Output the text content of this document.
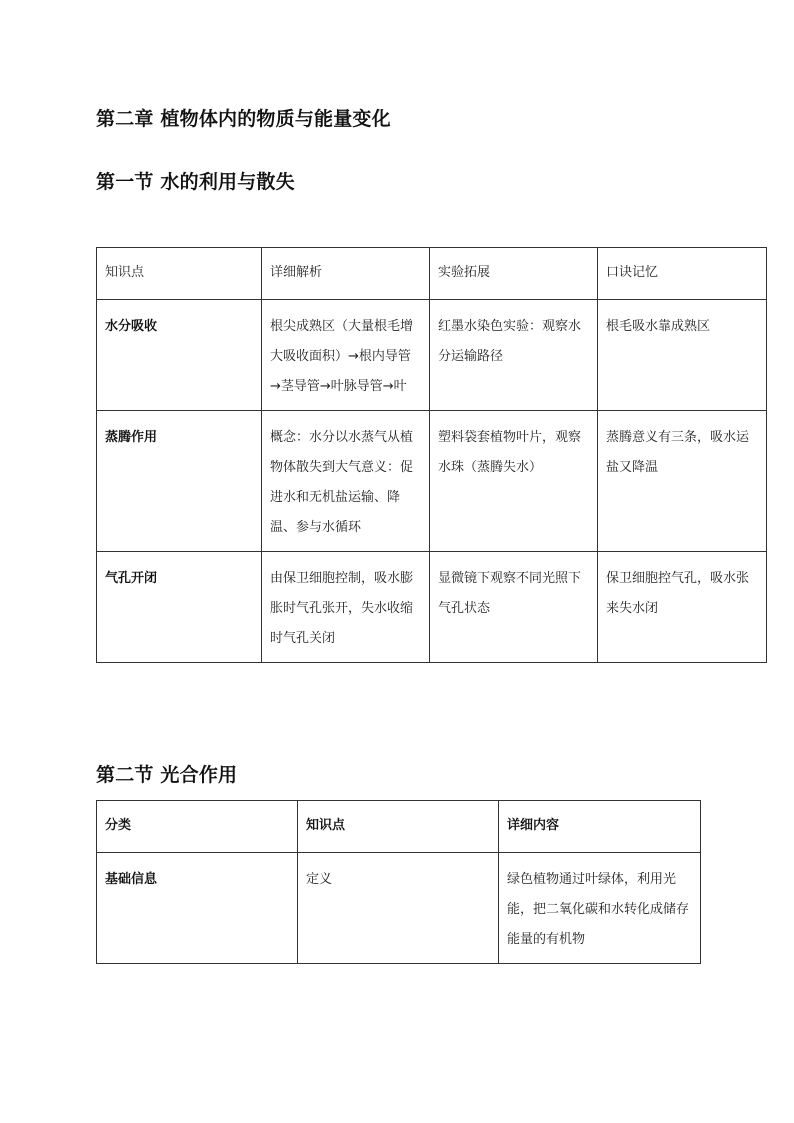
第二章 植物体内的物质与能量变化
第一节 水的利用与散失
知识点	详细解析	实验拓展	口诀记忆
水分吸收	根尖成熟区（大量根毛增大吸收面积）→根内导管→茎导管→叶脉导管→叶	红墨水染色实验：观察水分运输路径	根毛吸水靠成熟区
蒸腾作用	概念：水分以水蒸气从植物体散失到大气意义：促进水和无机盐运输、降温、参与水循环	塑料袋套植物叶片，观察水珠（蒸腾失水）	蒸腾意义有三条，吸水运盐又降温
气孔开闭	由保卫细胞控制，吸水膨胀时气孔张开，失水收缩时气孔关闭	显微镜下观察不同光照下气孔状态	保卫细胞控气孔，吸水张来失水闭
第二节 光合作用
分类	知识点	详细内容
基础信息	定义	绿色植物通过叶绿体，利用光能，把二氧化碳和水转化成储存能量的有机物
